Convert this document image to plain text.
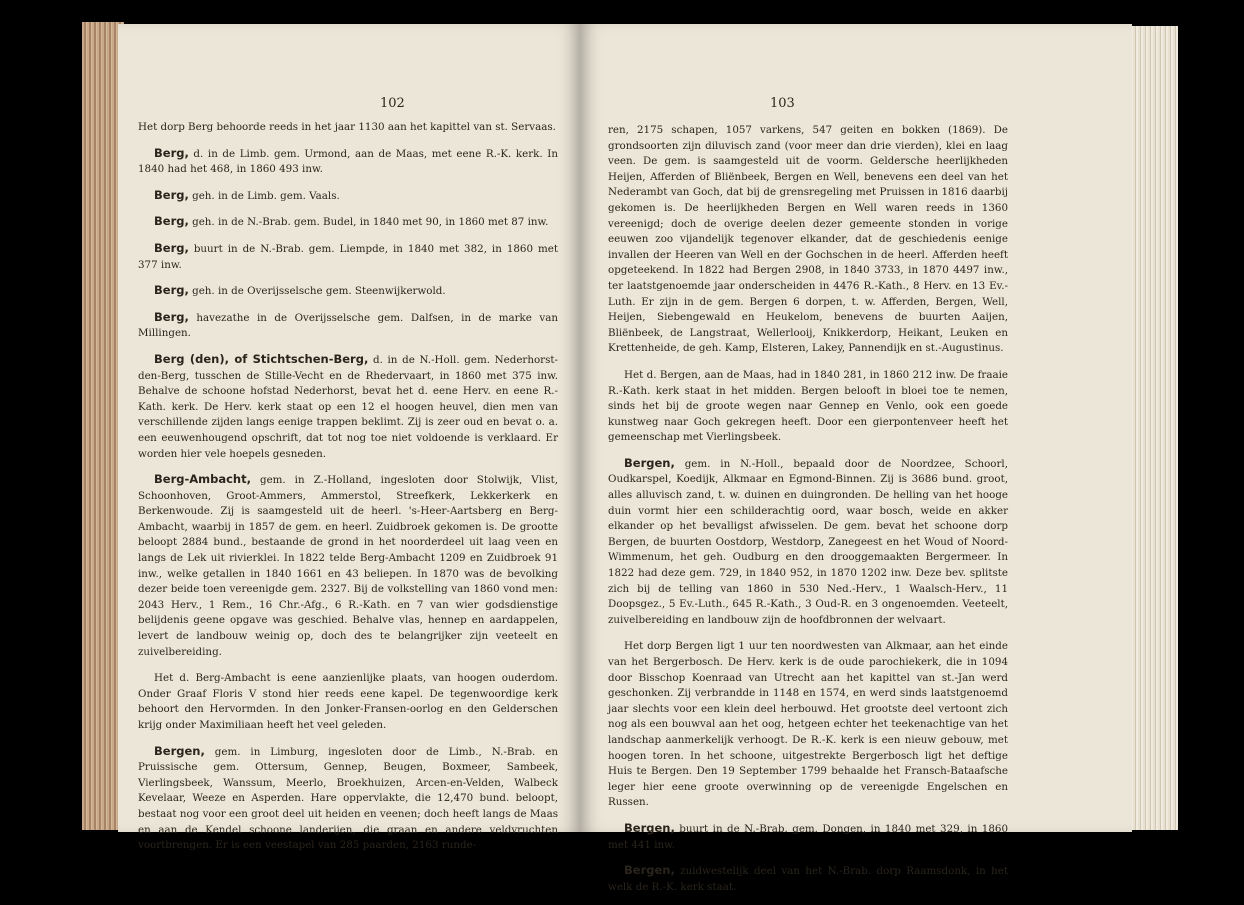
102

Het dorp Berg behoorde reeds in het jaar 1130 aan het kapittel van st. Servaas.

Berg, d. in de Limb. gem. Urmond, aan de Maas, met eene R.-K. kerk. In 1840 had het 468, in 1860 493 inw.

Berg, geh. in de Limb. gem. Vaals.

Berg, geh. in de N.-Brab. gem. Budel, in 1840 met 90, in 1860 met 87 inw.

Berg, buurt in de N.-Brab. gem. Liempde, in 1840 met 382, in 1860 met 377 inw.

Berg, geh. in de Overijsselsche gem. Steenwijkerwold.

Berg, havezathe in de Overijsselsche gem. Dalfsen, in de marke van Millingen.

Berg (den), of Stichtschen-Berg, d. in de N.-Holl. gem. Nederhorst-den-Berg, tusschen de Stille-Vecht en de Rhedervaart, in 1860 met 375 inw. Behalve de schoone hofstad Nederhorst, bevat het d. eene Herv. en eene R.-Kath. kerk. De Herv. kerk staat op een 12 el hoogen heuvel, dien men van verschillende zijden langs eenige trappen beklimt. Zij is zeer oud en bevat o. a. een eeuwenhougend opschrift, dat tot nog toe niet voldoende is verklaard. Er worden hier vele hoepels gesneden.

Berg-Ambacht, gem. in Z.-Holland, ingesloten door Stolwijk, Vlist, Schoonhoven, Groot-Ammers, Ammerstol, Streefkerk, Lekkerkerk en Berkenwoude. Zij is saamgesteld uit de heerl. 's-Heer-Aartsberg en Berg-Ambacht, waarbij in 1857 de gem. en heerl. Zuidbroek gekomen is. De grootte beloopt 2884 bund., bestaande de grond in het noorderdeel uit laag veen en langs de Lek uit rivierklei. In 1822 telde Berg-Ambacht 1209 en Zuidbroek 91 inw., welke getallen in 1840 1661 en 43 beliepen. In 1870 was de bevolking dezer beide toen vereenigde gem. 2327. Bij de volkstelling van 1860 vond men: 2043 Herv., 1 Rem., 16 Chr.-Afg., 6 R.-Kath. en 7 van wier godsdienstige belijdenis geene opgave was geschied. Behalve vlas, hennep en aardappelen, levert de landbouw weinig op, doch des te belangrijker zijn veeteelt en zuivelbereiding.

Het d. Berg-Ambacht is eene aanzienlijke plaats, van hoogen ouderdom. Onder Graaf Floris V stond hier reeds eene kapel. De tegenwoordige kerk behoort den Hervormden. In den Jonker-Fransen-oorlog en den Gelderschen krijg onder Maximiliaan heeft het veel geleden.

Bergen, gem. in Limburg, ingesloten door de Limb., N.-Brab. en Pruissische gem. Ottersum, Gennep, Beugen, Boxmeer, Sambeek, Vierlingsbeek, Wanssum, Meerlo, Broekhuizen, Arcen-en-Velden, Walbeck Kevelaar, Weeze en Asperden. Hare oppervlakte, die 12,470 bund. beloopt, bestaat nog voor een groot deel uit heiden en veenen; doch heeft langs de Maas en aan de Kendel schoone landerijen, die graan en andere veldvruchten voortbrengen. Er is een veestapel van 285 paarden, 2163 runde-

103

ren, 2175 schapen, 1057 varkens, 547 geiten en bokken (1869). De grondsoorten zijn diluvisch zand (voor meer dan drie vierden), klei en laag veen. De gem. is saamgesteld uit de voorm. Geldersche heerlijkheden Heijen, Afferden of Bliënbeek, Bergen en Well, benevens een deel van het Nederambt van Goch, dat bij de grensregeling met Pruissen in 1816 daarbij gekomen is. De heerlijkheden Bergen en Well waren reeds in 1360 vereenigd; doch de overige deelen dezer gemeente stonden in vorige eeuwen zoo vijandelijk tegenover elkander, dat de geschiedenis eenige invallen der Heeren van Well en der Gochschen in de heerl. Afferden heeft opgeteekend. In 1822 had Bergen 2908, in 1840 3733, in 1870 4497 inw., ter laatstgenoemde jaar onderscheiden in 4476 R.-Kath., 8 Herv. en 13 Ev.-Luth. Er zijn in de gem. Bergen 6 dorpen, t. w. Afferden, Bergen, Well, Heijen, Siebengewald en Heukelom, benevens de buurten Aaijen, Bliënbeek, de Langstraat, Wellerlooij, Knikkerdorp, Heikant, Leuken en Krettenheide, de geh. Kamp, Elsteren, Lakey, Pannendijk en st.-Augustinus.

Het d. Bergen, aan de Maas, had in 1840 281, in 1860 212 inw. De fraaie R.-Kath. kerk staat in het midden. Bergen belooft in bloei toe te nemen, sinds het bij de groote wegen naar Gennep en Venlo, ook een goede kunstweg naar Goch gekregen heeft. Door een gierpontenveer heeft het gemeenschap met Vierlingsbeek.

Bergen, gem. in N.-Holl., bepaald door de Noordzee, Schoorl, Oudkarspel, Koedijk, Alkmaar en Egmond-Binnen. Zij is 3686 bund. groot, alles alluvisch zand, t. w. duinen en duingronden. De helling van het hooge duin vormt hier een schilderachtig oord, waar bosch, weide en akker elkander op het bevalligst afwisselen. De gem. bevat het schoone dorp Bergen, de buurten Oostdorp, Westdorp, Zanegeest en het Woud of Noord-Wimmenum, het geh. Oudburg en den drooggemaakten Bergermeer. In 1822 had deze gem. 729, in 1840 952, in 1870 1202 inw. Deze bev. splitste zich bij de telling van 1860 in 530 Ned.-Herv., 1 Waalsch-Herv., 11 Doopsgez., 5 Ev.-Luth., 645 R.-Kath., 3 Oud-R. en 3 ongenoemden. Veeteelt, zuivelbereiding en landbouw zijn de hoofdbronnen der welvaart.

Het dorp Bergen ligt 1 uur ten noordwesten van Alkmaar, aan het einde van het Bergerbosch. De Herv. kerk is de oude parochiekerk, die in 1094 door Bisschop Koenraad van Utrecht aan het kapittel van st.-Jan werd geschonken. Zij verbrandde in 1148 en 1574, en werd sinds laatstgenoemd jaar slechts voor een klein deel herbouwd. Het grootste deel vertoont zich nog als een bouwval aan het oog, hetgeen echter het teekenachtige van het landschap aanmerkelijk verhoogt. De R.-K. kerk is een nieuw gebouw, met hoogen toren. In het schoone, uitgestrekte Bergerbosch ligt het deftige Huis te Bergen. Den 19 September 1799 behaalde het Fransch-Bataafsche leger hier eene groote overwinning op de vereenigde Engelschen en Russen.

Bergen, buurt in de N.-Brab. gem. Dongen, in 1840 met 329, in 1860 met 441 inw.

Bergen, zuidwestelijk deel van het N.-Brab. dorp Raamsdonk, in het welk de R.-K. kerk staat.
